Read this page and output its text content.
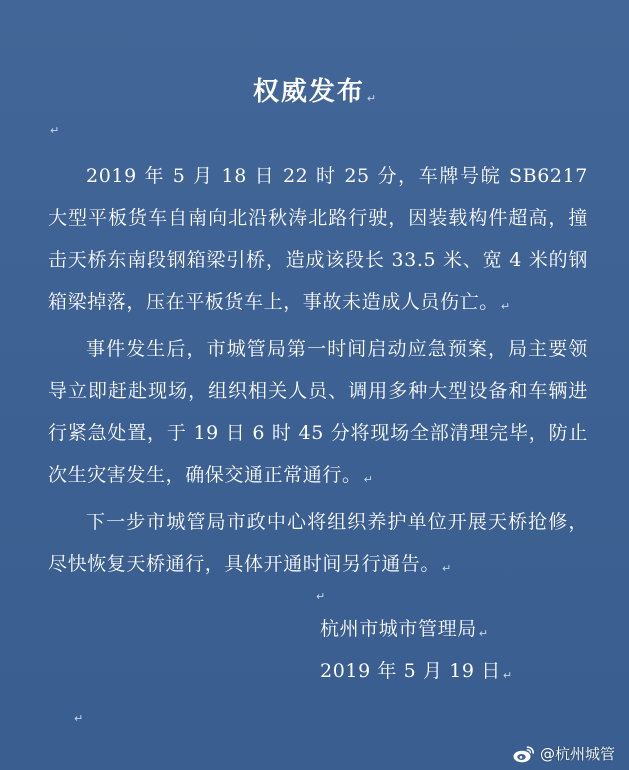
权威发布 ↵
↵

2019 年 5 月 18 日 22 时 25 分，车牌号皖 SB6217 大型平板货车自南向北沿秋涛北路行驶，因装载构件超高，撞击天桥东南段钢箱梁引桥，造成该段长 33.5 米、宽 4 米的钢箱梁掉落，压在平板货车上，事故未造成人员伤亡。 ↵

事件发生后，市城管局第一时间启动应急预案，局主要领导立即赶赴现场，组织相关人员、调用多种大型设备和车辆进行紧急处置，于 19 日 6 时 45 分将现场全部清理完毕，防止次生灾害发生，确保交通正常通行。 ↵

下一步市城管局市政中心将组织养护单位开展天桥抢修，尽快恢复天桥通行，具体开通时间另行通告。 ↵

↵
杭州市城市管理局 ↵
2019 年 5 月 19 日 ↵
↵
@杭州城管
